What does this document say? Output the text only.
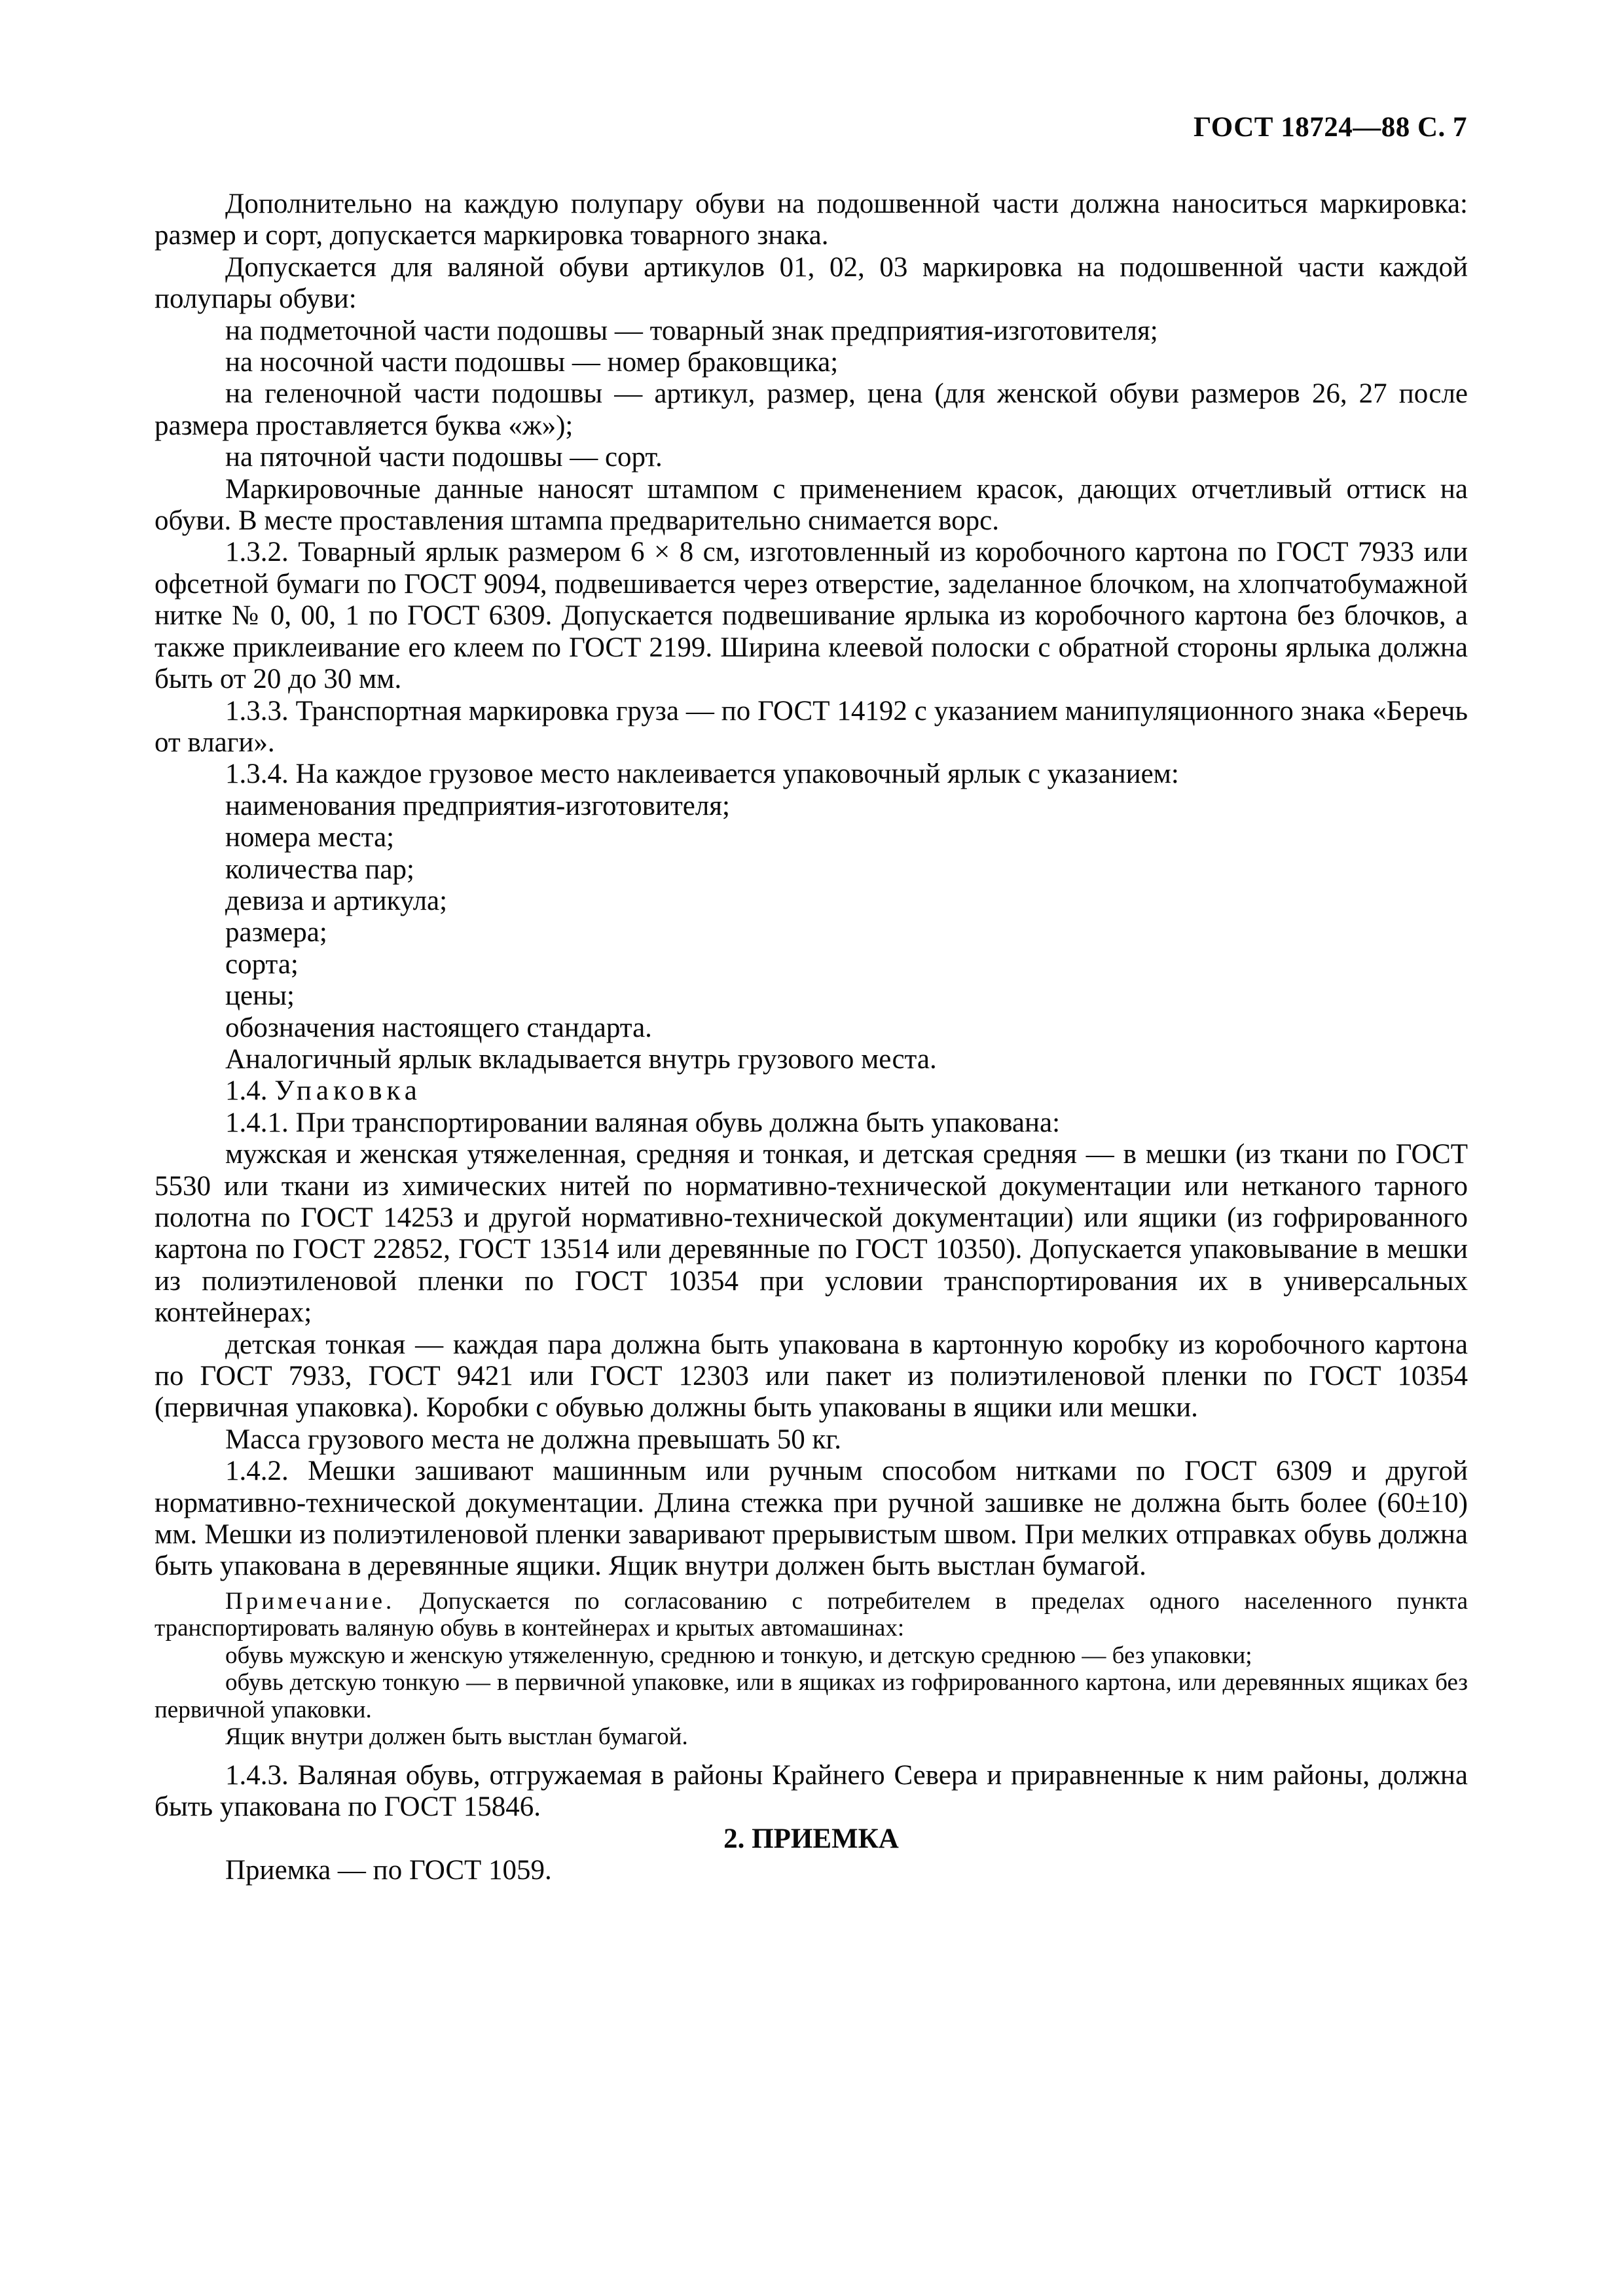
ГОСТ 18724—88 С. 7

Дополнительно на каждую полупару обуви на подошвенной части должна наноситься маркировка: размер и сорт, допускается маркировка товарного знака.

Допускается для валяной обуви артикулов 01, 02, 03 маркировка на подошвенной части каждой полупары обуви:

на подметочной части подошвы — товарный знак предприятия-изготовителя;

на носочной части подошвы — номер браковщика;

на геленочной части подошвы — артикул, размер, цена (для женской обуви размеров 26, 27 после размера проставляется буква «ж»);

на пяточной части подошвы — сорт.

Маркировочные данные наносят штампом с применением красок, дающих отчетливый оттиск на обуви. В месте проставления штампа предварительно снимается ворс.

1.3.2. Товарный ярлык размером 6 × 8 см, изготовленный из коробочного картона по ГОСТ 7933 или офсетной бумаги по ГОСТ 9094, подвешивается через отверстие, заделанное блочком, на хлопчатобумажной нитке № 0, 00, 1 по ГОСТ 6309. Допускается подвешивание ярлыка из коробочного картона без блочков, а также приклеивание его клеем по ГОСТ 2199. Ширина клеевой полоски с обратной стороны ярлыка должна быть от 20 до 30 мм.

1.3.3. Транспортная маркировка груза — по ГОСТ 14192 с указанием манипуляционного знака «Беречь от влаги».

1.3.4. На каждое грузовое место наклеивается упаковочный ярлык с указанием:

наименования предприятия-изготовителя;

номера места;

количества пар;

девиза и артикула;

размера;

сорта;

цены;

обозначения настоящего стандарта.

Аналогичный ярлык вкладывается внутрь грузового места.

1.4. Упаковка

1.4.1. При транспортировании валяная обувь должна быть упакована:

мужская и женская утяжеленная, средняя и тонкая, и детская средняя — в мешки (из ткани по ГОСТ 5530 или ткани из химических нитей по нормативно-технической документации или нетканого тарного полотна по ГОСТ 14253 и другой нормативно-технической документации) или ящики (из гофрированного картона по ГОСТ 22852, ГОСТ 13514 или деревянные по ГОСТ 10350). Допускается упаковывание в мешки из полиэтиленовой пленки по ГОСТ 10354 при условии транспортирования их в универсальных контейнерах;

детская тонкая — каждая пара должна быть упакована в картонную коробку из коробочного картона по ГОСТ 7933, ГОСТ 9421 или ГОСТ 12303 или пакет из полиэтиленовой пленки по ГОСТ 10354 (первичная упаковка). Коробки с обувью должны быть упакованы в ящики или мешки.

Масса грузового места не должна превышать 50 кг.

1.4.2. Мешки зашивают машинным или ручным способом нитками по ГОСТ 6309 и другой нормативно-технической документации. Длина стежка при ручной зашивке не должна быть более (60±10) мм. Мешки из полиэтиленовой пленки заваривают прерывистым швом. При мелких отправках обувь должна быть упакована в деревянные ящики. Ящик внутри должен быть выстлан бумагой.

Примечание. Допускается по согласованию с потребителем в пределах одного населенного пункта транспортировать валяную обувь в контейнерах и крытых автомашинах:

обувь мужскую и женскую утяжеленную, среднюю и тонкую, и детскую среднюю — без упаковки;

обувь детскую тонкую — в первичной упаковке, или в ящиках из гофрированного картона, или деревянных ящиках без первичной упаковки.

Ящик внутри должен быть выстлан бумагой.

1.4.3. Валяная обувь, отгружаемая в районы Крайнего Севера и приравненные к ним районы, должна быть упакована по ГОСТ 15846.

2. ПРИЕМКА

Приемка — по ГОСТ 1059.
